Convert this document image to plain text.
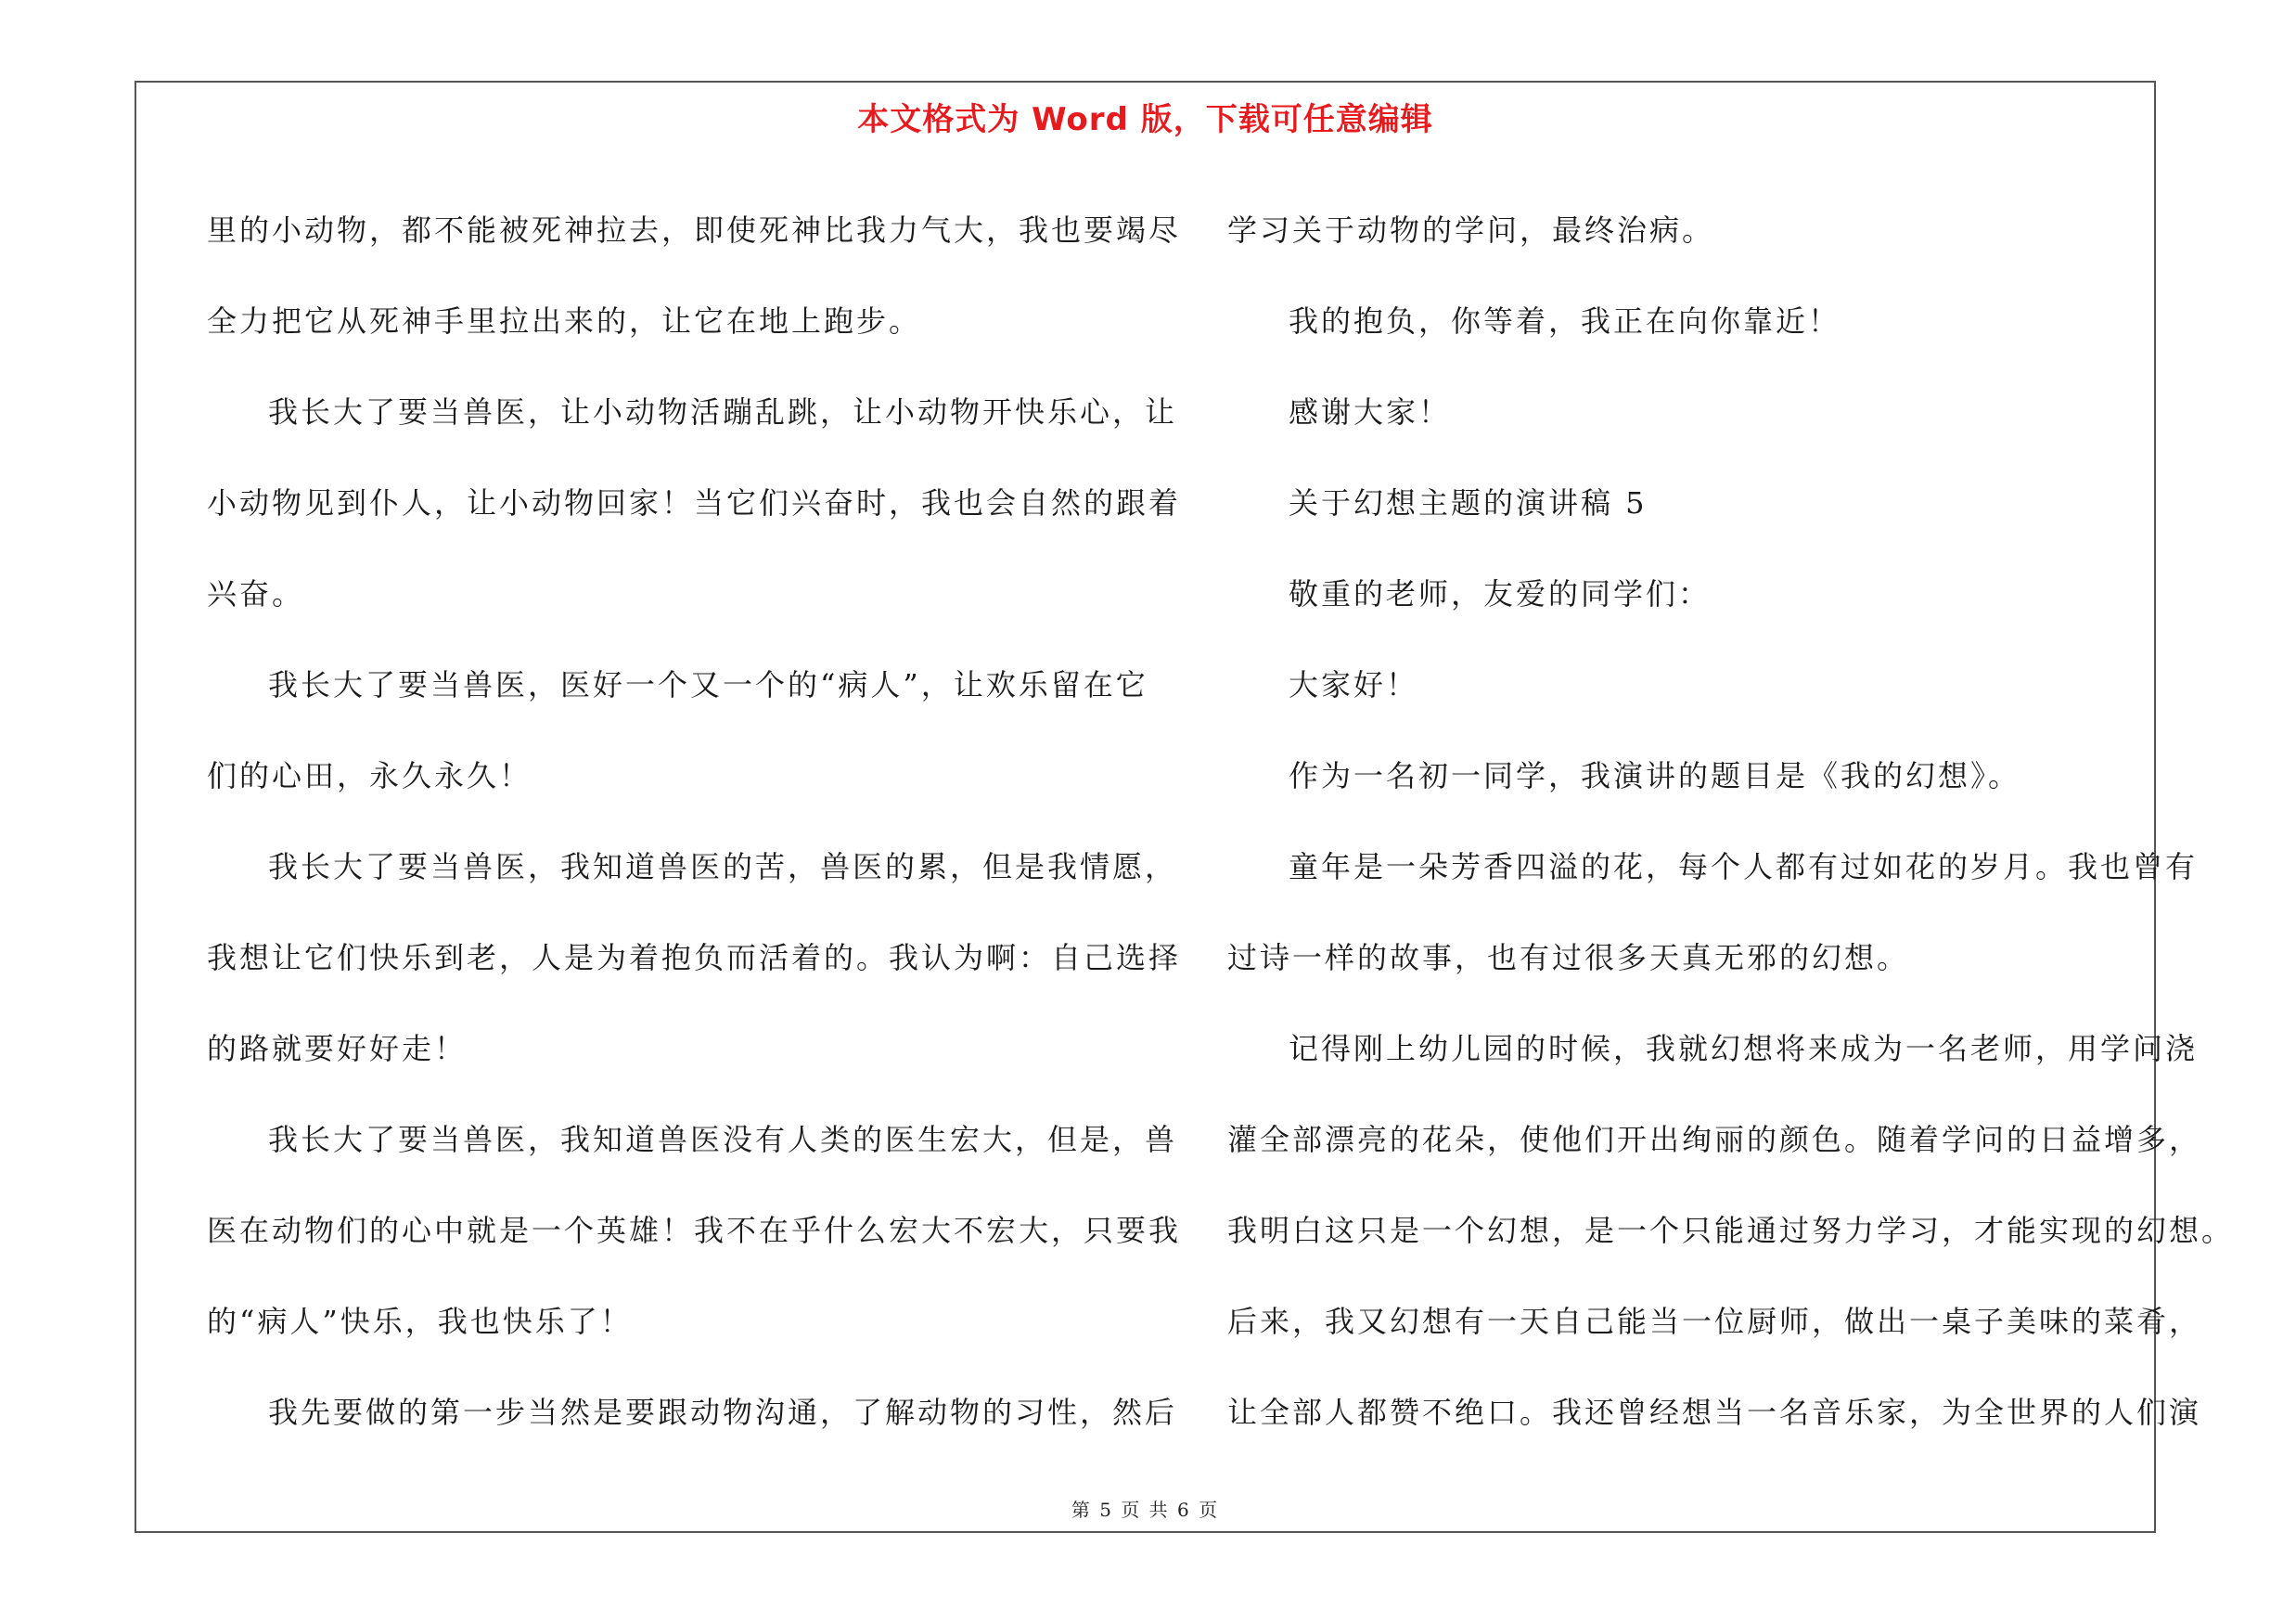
本文格式为 Word 版，下载可任意编辑

里的小动物，都不能被死神拉去，即使死神比我力气大，我也要竭尽

全力把它从死神手里拉出来的，让它在地上跑步。

我长大了要当兽医，让小动物活蹦乱跳，让小动物开快乐心，让

小动物见到仆人，让小动物回家！当它们兴奋时，我也会自然的跟着

兴奋。

我长大了要当兽医，医好一个又一个的“病人”，让欢乐留在它

们的心田，永久永久！

我长大了要当兽医，我知道兽医的苦，兽医的累，但是我情愿，

我想让它们快乐到老，人是为着抱负而活着的。我认为啊：自己选择

的路就要好好走！

我长大了要当兽医，我知道兽医没有人类的医生宏大，但是，兽

医在动物们的心中就是一个英雄！我不在乎什么宏大不宏大，只要我

的“病人”快乐，我也快乐了！

我先要做的第一步当然是要跟动物沟通，了解动物的习性，然后

学习关于动物的学问，最终治病。

我的抱负，你等着，我正在向你靠近！

感谢大家！

关于幻想主题的演讲稿 5

敬重的老师，友爱的同学们：

大家好！

作为一名初一同学，我演讲的题目是《我的幻想》。

童年是一朵芳香四溢的花，每个人都有过如花的岁月。我也曾有

过诗一样的故事，也有过很多天真无邪的幻想。

记得刚上幼儿园的时候，我就幻想将来成为一名老师，用学问浇

灌全部漂亮的花朵，使他们开出绚丽的颜色。随着学问的日益增多，

我明白这只是一个幻想，是一个只能通过努力学习，才能实现的幻想。

后来，我又幻想有一天自己能当一位厨师，做出一桌子美味的菜肴，

让全部人都赞不绝口。我还曾经想当一名音乐家，为全世界的人们演

第 5 页 共 6 页
